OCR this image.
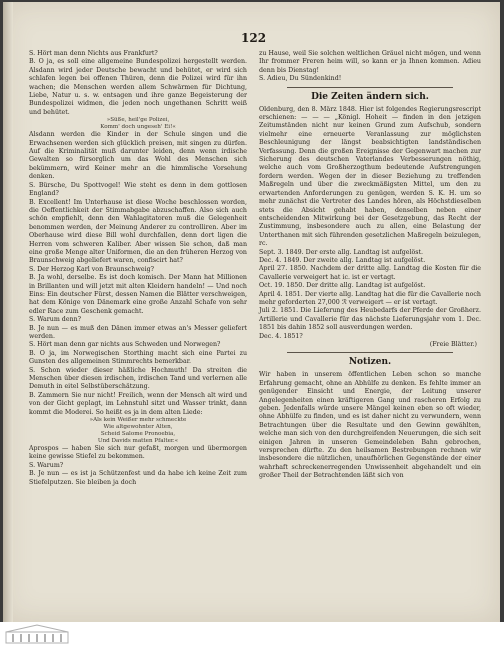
122

S. Hört man denn Nichts aus Frankfurt?

B. O ja, es soll eine allgemeine Bundespolizei hergestellt werden. Alsdann wird jeder Deutsche bewacht und behütet, er wird sich schlafen legen bei offenen Thüren, denn die Polizei wird für ihn wachen; die Menschen werden allem Schwärmen für Dichtung, Liebe, Natur u. s. w. entsagen und ihre ganze Begeisterung der Bundespolizei widmen, die jeden noch ungethanen Schritt weiß und behütet.

»Süße, heil'ge Polizei,

Komm' doch ungeseh' Ei!«

Alsdann werden die Kinder in der Schule singen und die Erwachsenen werden sich glücklich preisen, mit singen zu dürfen. Auf die Kriminalität muß darunter leiden, denn wenn irdische Gewalten so fürsorglich um das Wohl des Menschen sich bekümmern, wird Keiner mehr an die himmlische Vorsehung denken.

S. Bürsche, Du Spottvogel! Wie steht es denn in dem gottlosen England?

B. Excellent! Im Unterhause ist diese Woche beschlossen worden, die Oeffentlichkeit der Stimmabgabe abzuschaffen. Also sich auch schön empfiehlt, denn den Wahlagitatoren muß die Gelegenheit benommen werden, der Meinung Anderer zu controlliren. Aber im Oberhause wird diese Bill wohl durchfallen, denn dort ligen die Herren vom schweren Kaliber. Aber wissen Sie schon, daß man eine große Menge alter Uniformen, die an den früheren Herzog von Braunschweig abgeliefert waren, confiscirt hat?

S. Der Herzog Karl von Braunschweig?

B. Ja wohl, derselbe. Es ist doch komisch. Der Mann hat Millionen in Brillanten und will jetzt mit alten Kleidern handeln! — Und noch Eins: Ein deutscher Fürst, dessen Namen die Blätter verschweigen, hat dem Könige von Dänemark eine große Anzahl Schafe von sehr edler Race zum Geschenk gemacht.

S. Warum denn?

B. Je nun — es muß den Dänen immer etwas an's Messer geliefert werden.

S. Hört man denn gar nichts aus Schweden und Norwegen?

B. O ja, im Norwegischen Storthing macht sich eine Partei zu Gunsten des allgemeinen Stimmrechts bemerkbar.

S. Schon wieder dieser häßliche Hochmuth! Da streiten die Menschen über diesen irdischen, irdischen Tand und verlernen alle Demuth in eitel Selbstüberschätzung.

B. Zammern Sie nur nicht! Freilich, wenn der Mensch alt wird und von der Gicht geplagt, im Lehnstuhl sitzt und Wasser trinkt, dann kommt die Moderei. So heißt es ja in dem alten Liede:

»Als kein Weißer mehr schmeckte

Wie altgewohnter Alten,

Scheid Salome Pronoebia,

Und Davids matten Pfalter.«

Aprospos — haben Sie sich nur gefaßt, morgen und übermorgen keine gewisse Stiefel zu bekommen.

S. Warum?

B. Je nun — es ist ja Schützenfest und da habe ich keine Zeit zum Stiefelputzen. Sie bleiben ja doch

zu Hause, weil Sie solchen weltlichen Gräuel nicht mögen, und wenn Ihr frommer Freren heim will, so kann er ja Ihnen kommen. Adieu denn bis Dienstag!

S. Adieu, Du Sündenkind!

Die Zeiten ändern sich.

Oldenburg, den 8. März 1848. Hier ist folgendes Regierungsrescript erschienen: — — — „Königl. Hoheit — finden in den jetzigen Zeitumständen nicht nur keinen Grund zum Aufschub, sondern vielmehr eine erneuerte Veranlassung zur möglichsten Beschleunigung der längst beabsichtigten landständischen Verfassung. Denn die großen Ereignisse der Gegenwart machen zur Sicherung des deutschen Vaterlandes Verbesserungen nöthig, welche auch vom Großherzogthum bedeutende Aufstrengungen fordern werden. Wegen der in dieser Beziehung zu treffenden Maßregeln und über die zweckmäßigsten Mittel, um den zu erwartenden Anforderungen zu genügen, werden S. K. H. um so mehr zunächst die Vertreter des Landes hören, als Höchstdieselben stets die Absicht gehabt haben, denselben neben einer entscheidenden Mitwirkung bei der Gesetzgebung, das Recht der Zustimmung, insbesondere auch zu allen, eine Belastung der Unterthanen mit sich führenden gesetzlichen Maßregeln beizulegen, rc.

Sept. 3. 1849. Der erste allg. Landtag ist aufgelöst.

Dec. 4. 1849. Der zweite allg. Landtag ist aufgelöst.

April 27. 1850. Nachdem der dritte allg. Landtag die Kosten für die Cavallerie verweigert hat ic. ist er vertagt.

Oct. 19. 1850. Der dritte allg. Landtag ist aufgelöst.

April 4. 1851. Der vierte allg. Landtag hat die für die Cavallerie noch mehr geforderten 27,000 ℛ verweigert — er ist vertagt.

Juli 2. 1851. Die Lieferung des Heubedarfs der Pferde der Großherz. Artillerie und Cavallerie für das nächste Lieferungsjahr vom 1. Dec. 1851 bis dahin 1852 soll ausverdungen werden.

Dec. 4. 1851?

(Freie Blätter.)

Notizen.

Wir haben in unserem öffentlichen Leben schon so manche Erfahrung gemacht, ohne an Abhülfe zu denken. Es fehlte immer an genügender Einsicht und Energie, der Leitung unserer Angelegenheiten einen kräftigeren Gang und rascheren Erfolg zu geben. Jedenfalls würde unsere Mängel keinen eben so oft wieder, ohne Abhülfe zu finden, und es ist daher nicht zu verwundern, wenn Betrachtungen über die Resultate und den Gewinn gewählten, welche man sich von den durchgreifenden Neuerungen, die sich seit einigen Jahren in unseren Gemeindeleben Bahn gebrochen, versprechen dürfte. Zu den heilsamen Bestrebungen rechnen wir insbesondere die nützlichen, unaufhörlichen Gegenstände der einer wahrhaft schreckenerregenden Unwissenheit abgehandelt und ein großer Theil der Betrachtenden läßt sich von
